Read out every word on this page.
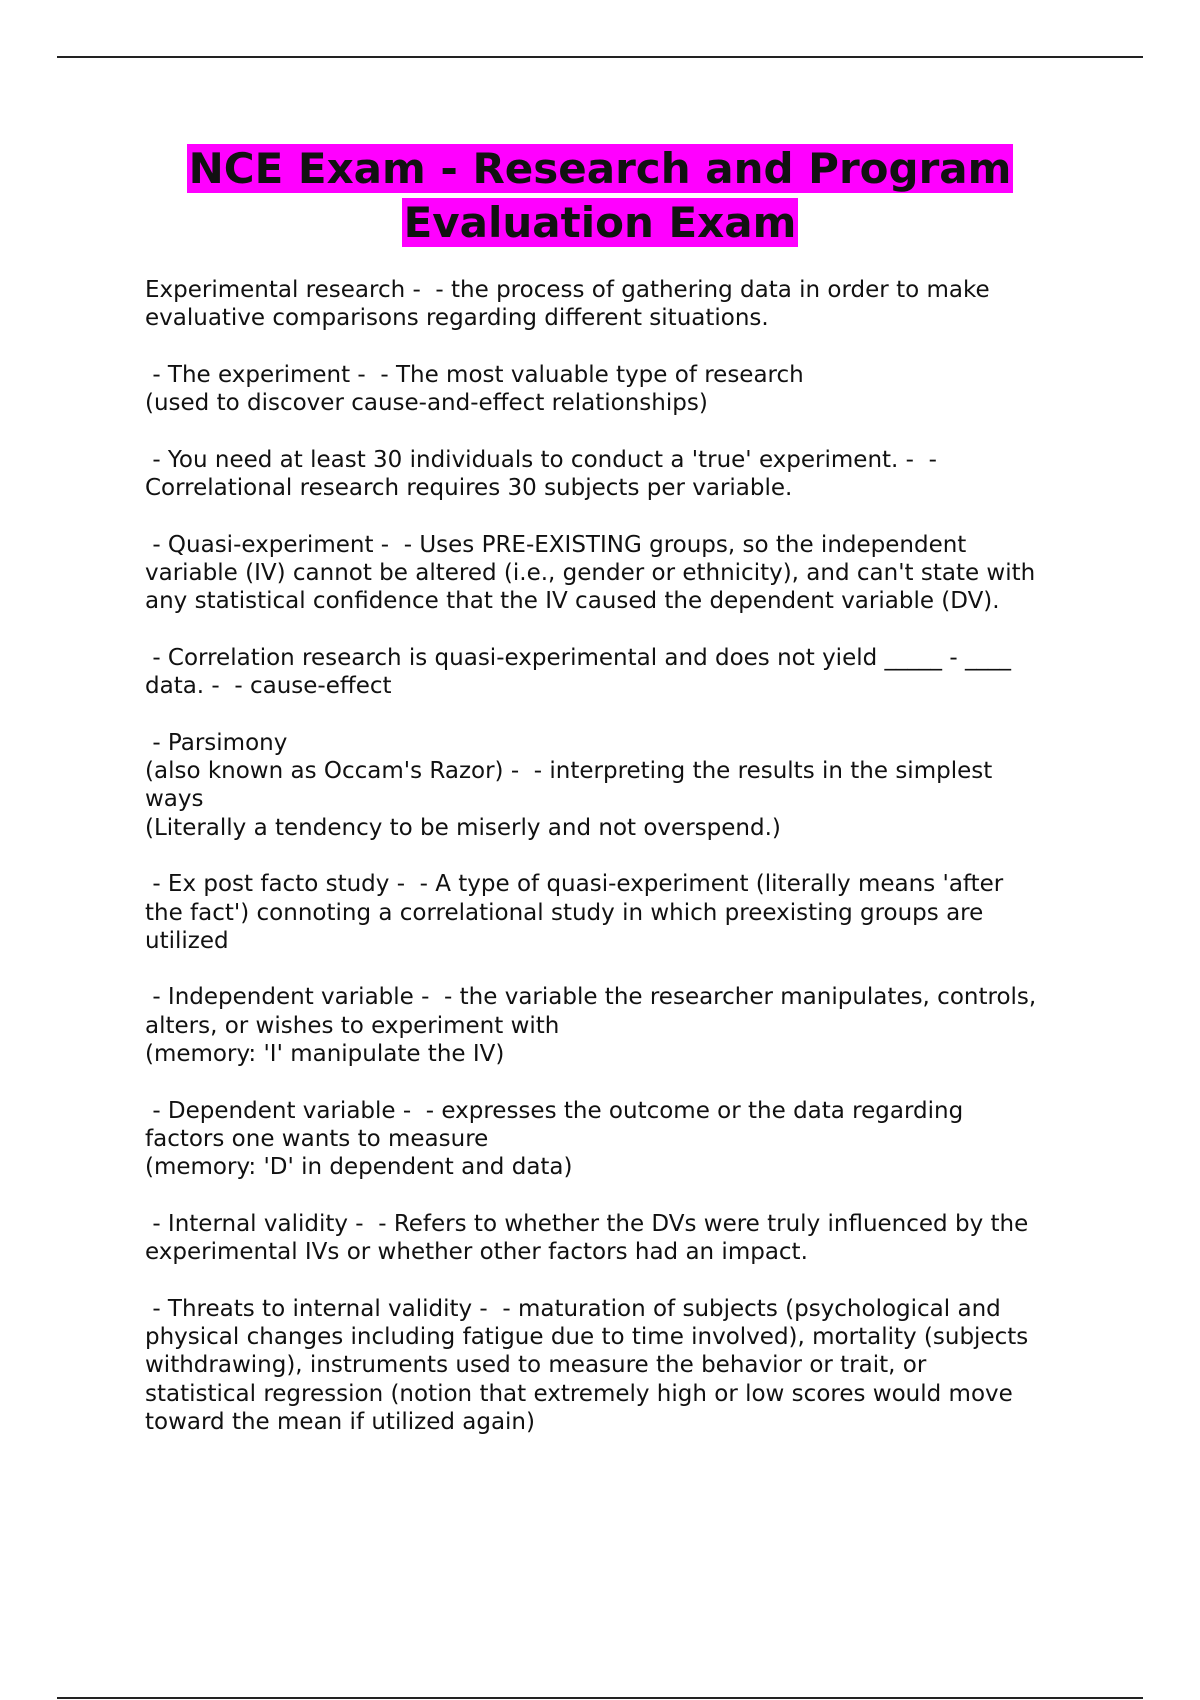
NCE Exam - Research and Program
Evaluation Exam
Experimental research -  - the process of gathering data in order to make
evaluative comparisons regarding different situations.
- The experiment -  - The most valuable type of research
(used to discover cause-and-effect relationships)
- You need at least 30 individuals to conduct a 'true' experiment. -  -
Correlational research requires 30 subjects per variable.
- Quasi-experiment -  - Uses PRE-EXISTING groups, so the independent
variable (IV) cannot be altered (i.e., gender or ethnicity), and can't state with
any statistical confidence that the IV caused the dependent variable (DV).
- Correlation research is quasi-experimental and does not yield _____ - ____
data. -  - cause-effect
- Parsimony
(also known as Occam's Razor) -  - interpreting the results in the simplest
ways
(Literally a tendency to be miserly and not overspend.)
- Ex post facto study -  - A type of quasi-experiment (literally means 'after
the fact') connoting a correlational study in which preexisting groups are
utilized
- Independent variable -  - the variable the researcher manipulates, controls,
alters, or wishes to experiment with
(memory: 'I' manipulate the IV)
- Dependent variable -  - expresses the outcome or the data regarding
factors one wants to measure
(memory: 'D' in dependent and data)
- Internal validity -  - Refers to whether the DVs were truly influenced by the
experimental IVs or whether other factors had an impact.
- Threats to internal validity -  - maturation of subjects (psychological and
physical changes including fatigue due to time involved), mortality (subjects
withdrawing), instruments used to measure the behavior or trait, or
statistical regression (notion that extremely high or low scores would move
toward the mean if utilized again)
